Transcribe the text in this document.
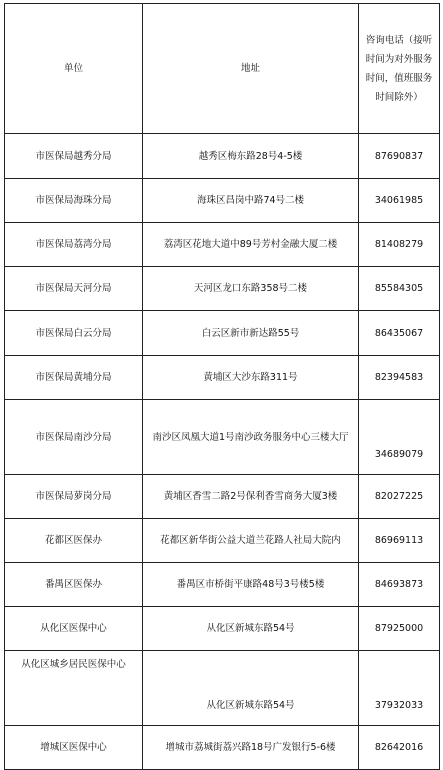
单位	地址	咨询电话（接听时间为对外服务时间，值班服务时间除外）
市医保局越秀分局	越秀区梅东路28号4-5楼	87690837
市医保局海珠分局	海珠区昌岗中路74号二楼	34061985
市医保局荔湾分局	荔湾区花地大道中89号芳村金融大厦二楼	81408279
市医保局天河分局	天河区龙口东路358号二楼	85584305
市医保局白云分局	白云区新市新达路55号	86435067
市医保局黄埔分局	黄埔区大沙东路311号	82394583
市医保局南沙分局	南沙区凤凰大道1号南沙政务服务中心三楼大厅	34689079
市医保局萝岗分局	黄埔区香雪二路2号保利香雪商务大厦3楼	82027225
花都区医保办	花都区新华街公益大道兰花路人社局大院内	86969113
番禺区医保办	番禺区市桥街平康路48号3号楼5楼	84693873
从化区医保中心	从化区新城东路54号	87925000
从化区城乡居民医保中心	从化区新城东路54号	37932033
增城区医保中心	增城市荔城街荔兴路18号广发银行5-6楼	82642016
